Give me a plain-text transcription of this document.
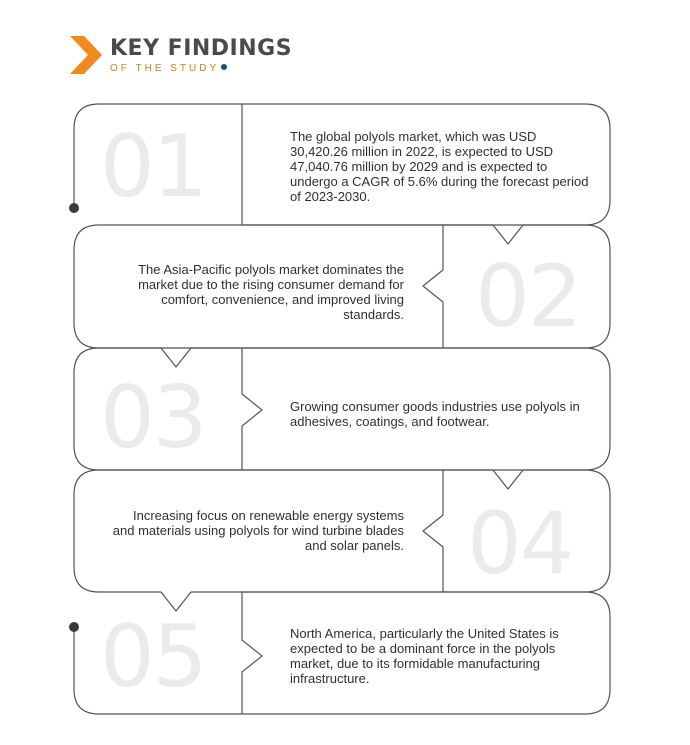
KEY FINDINGS
OF THE STUDY
01	The global polyols market, which was USD 30,420.26 million in 2022, is expected to USD 47,040.76 million by 2029 and is expected to undergo a CAGR of 5.6% during the forecast period of 2023-2030.
02
The Asia-Pacific polyols market dominates the market due to the rising consumer demand for comfort, convenience, and improved living standards.
03	Growing consumer goods industries use polyols in adhesives, coatings, and footwear.
04
Increasing focus on renewable energy systems and materials using polyols for wind turbine blades and solar panels.
05	North America, particularly the United States is expected to be a dominant force in the polyols market, due to its formidable manufacturing infrastructure.
